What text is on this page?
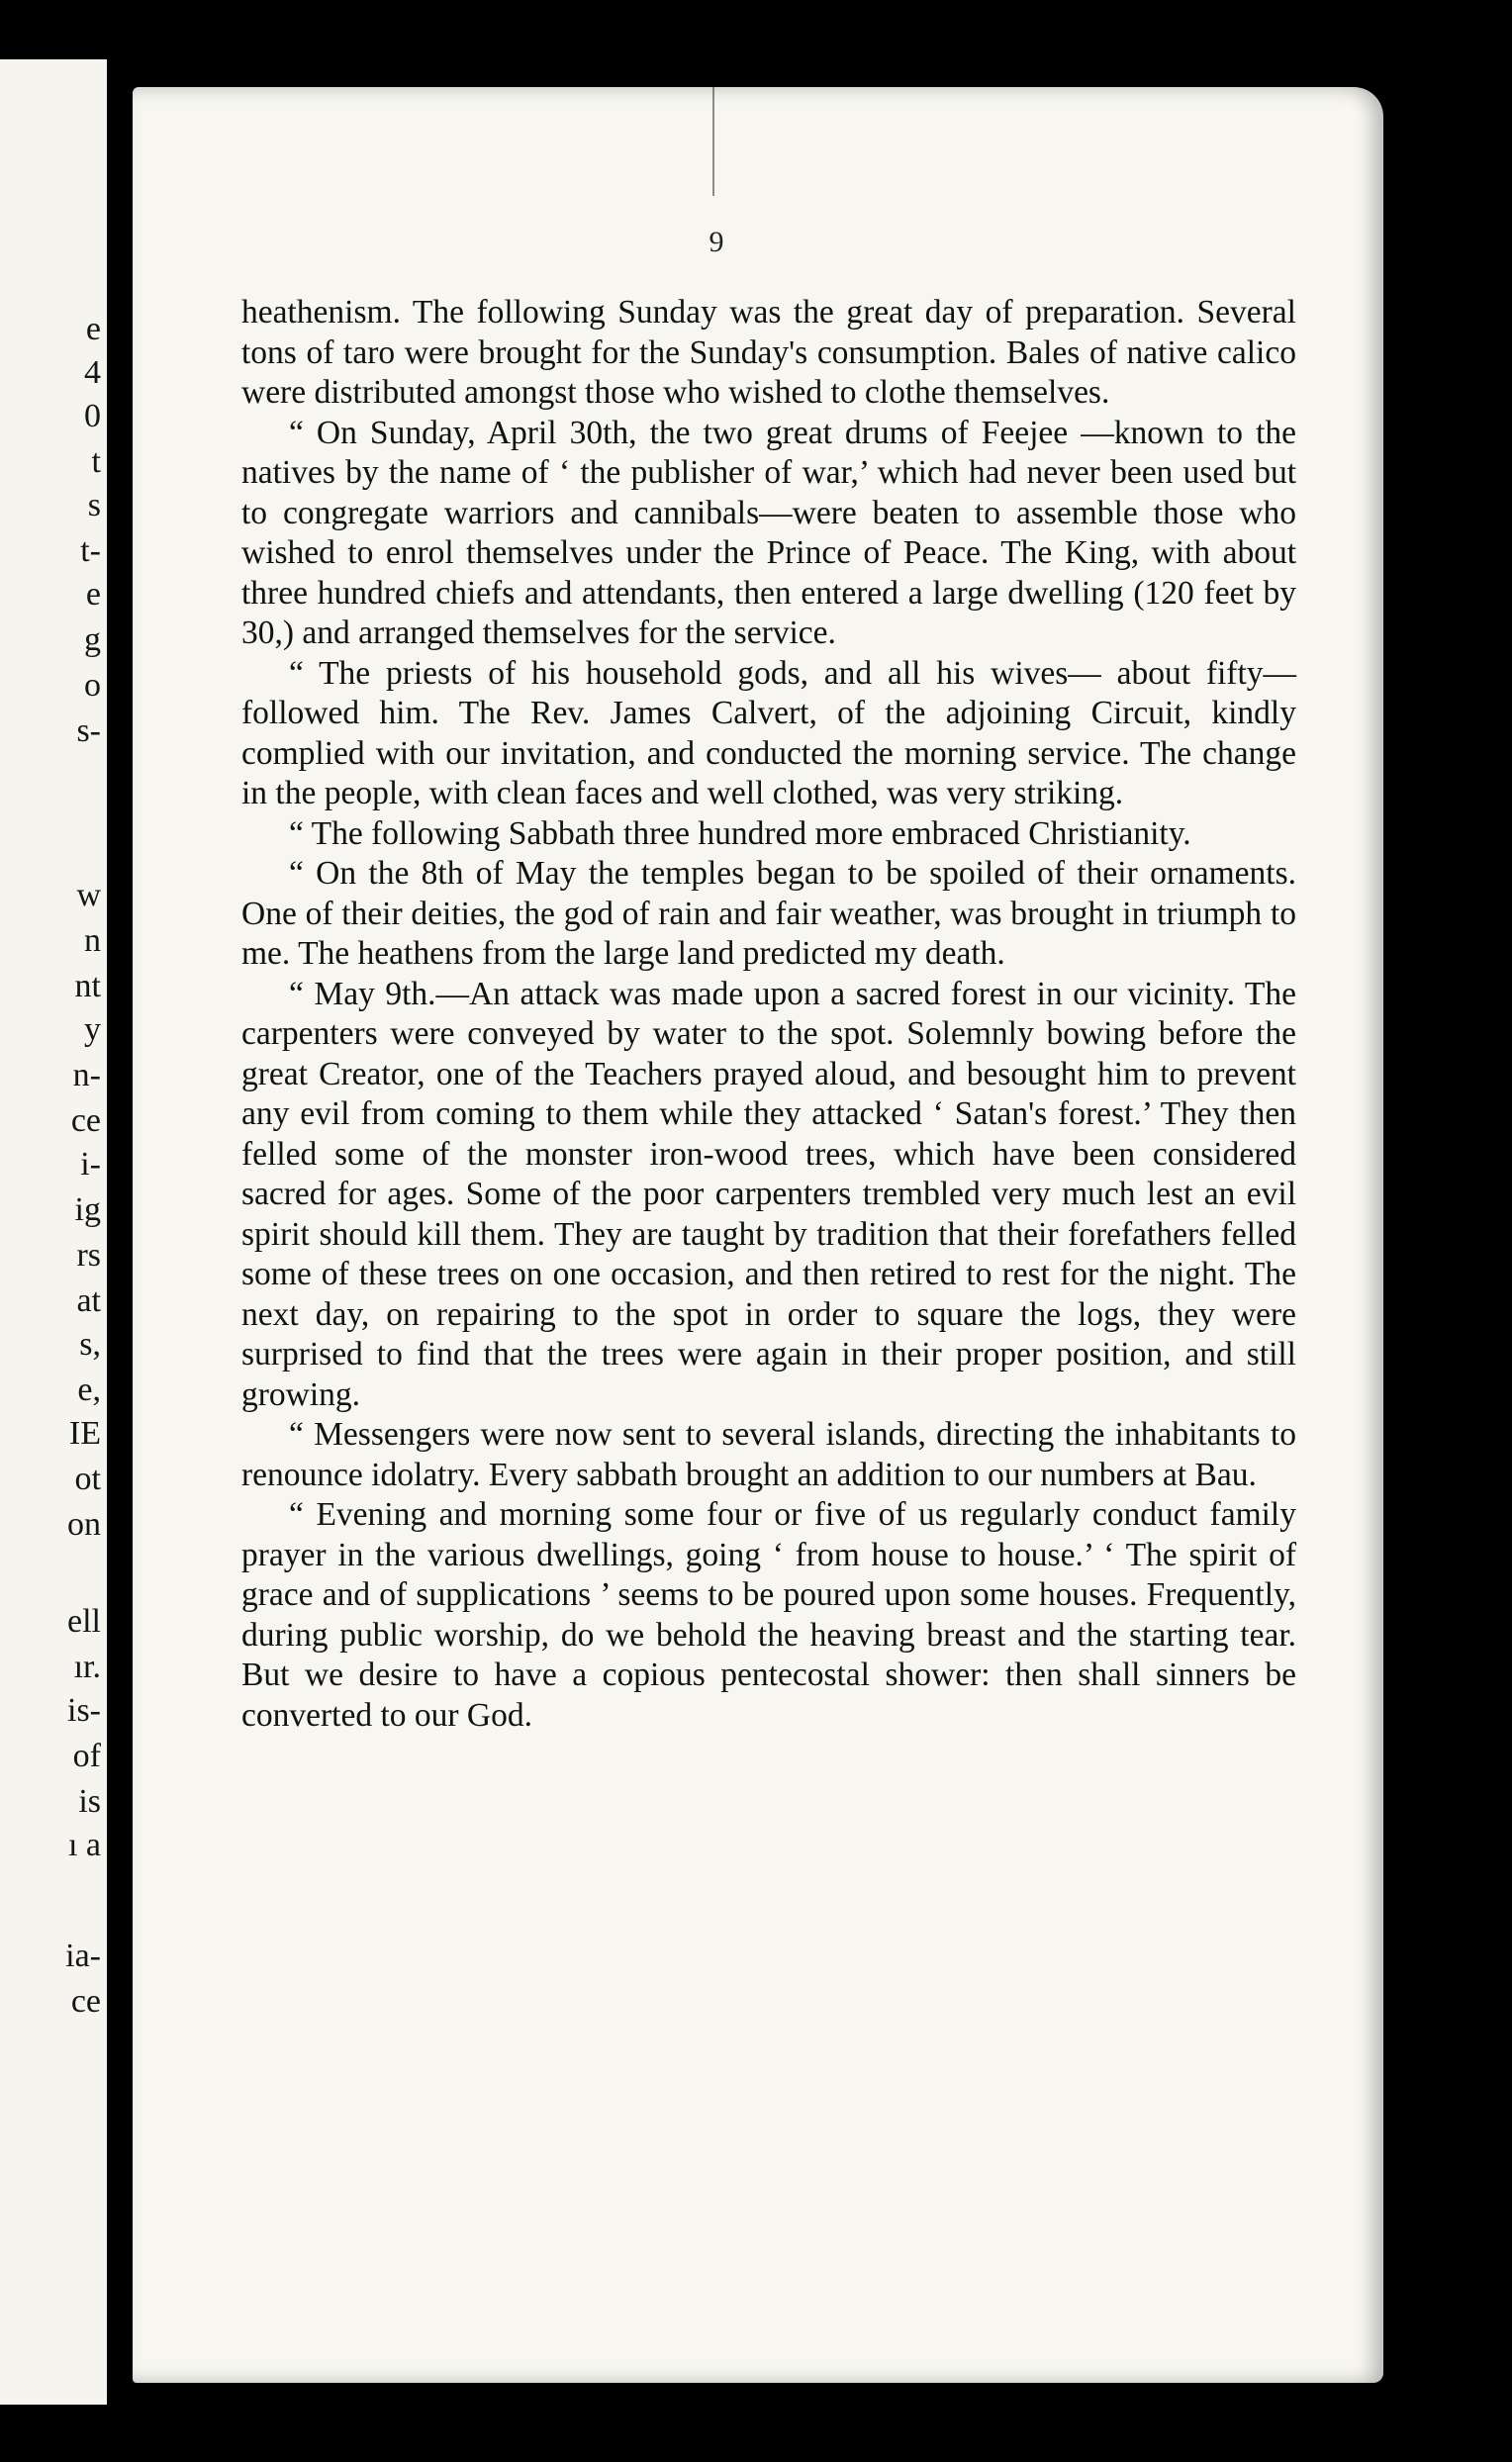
e
4
0
t
s
t-
e
g
o
s-
w
n
nt
y
n-
ce
i-
ig
rs
at
s,
e,
IE
ot
on
ell
ır.
is-
of
is
ı a
ia-
ce
9

heathenism. The following Sunday was the great day of preparation. Several tons of taro were brought for the Sunday's consumption. Bales of native calico were distributed amongst those who wished to clothe themselves.

“ On Sunday, April 30th, the two great drums of Feejee —known to the natives by the name of ‘ the publisher of war,’ which had never been used but to congregate warriors and cannibals—were beaten to assemble those who wished to enrol themselves under the Prince of Peace. The King, with about three hundred chiefs and attendants, then entered a large dwelling (120 feet by 30,) and arranged themselves for the service.

“ The priests of his household gods, and all his wives— about fifty—followed him. The Rev. James Calvert, of the adjoining Circuit, kindly complied with our invitation, and conducted the morning service. The change in the people, with clean faces and well clothed, was very striking.

“ The following Sabbath three hundred more embraced Christianity.

“ On the 8th of May the temples began to be spoiled of their ornaments. One of their deities, the god of rain and fair weather, was brought in triumph to me. The heathens from the large land predicted my death.

“ May 9th.—An attack was made upon a sacred forest in our vicinity. The carpenters were conveyed by water to the spot. Solemnly bowing before the great Creator, one of the Teachers prayed aloud, and besought him to prevent any evil from coming to them while they attacked ‘ Satan's forest.’ They then felled some of the monster iron-wood trees, which have been considered sacred for ages. Some of the poor carpenters trembled very much lest an evil spirit should kill them. They are taught by tradition that their forefathers felled some of these trees on one occasion, and then retired to rest for the night. The next day, on repairing to the spot in order to square the logs, they were surprised to find that the trees were again in their proper position, and still growing.

“ Messengers were now sent to several islands, directing the inhabitants to renounce idolatry. Every sabbath brought an addition to our numbers at Bau.

“ Evening and morning some four or five of us regularly conduct family prayer in the various dwellings, going ‘ from house to house.’ ‘ The spirit of grace and of supplications ’ seems to be poured upon some houses. Frequently, during public worship, do we behold the heaving breast and the starting tear. But we desire to have a copious pentecostal shower: then shall sinners be converted to our God.
